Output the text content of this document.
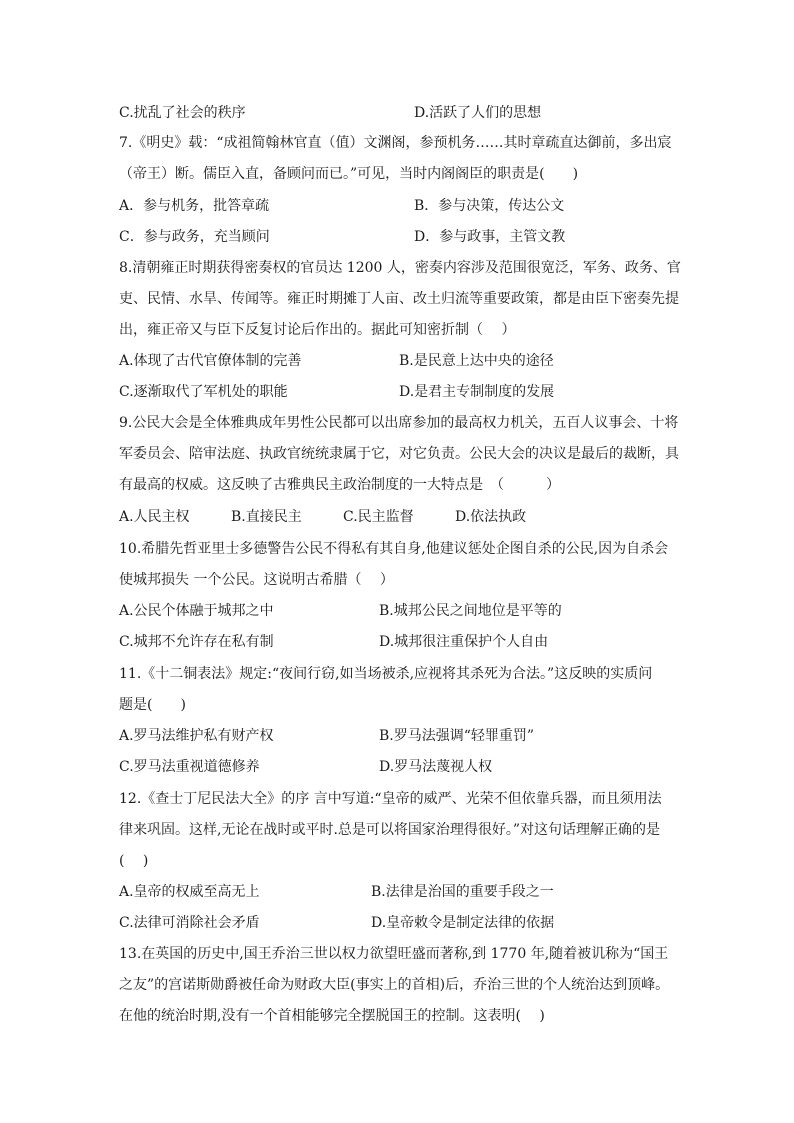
C.扰乱了社会的秩序	D.活跃了人们的思想
7.《明史》载：“成祖简翰林官直（值）文渊阁，参预机务……其时章疏直达御前，多出宸
（帝王）断。儒臣入直，备顾问而已。”可见，当时内阁阁臣的职责是(　　)
A．参与机务，批答章疏	B．参与决策，传达公文
C．参与政务，充当顾问	D．参与政事，主管文教
8.清朝雍正时期获得密奏权的官员达 1200 人，密奏内容涉及范围很宽泛，军务、政务、官
吏、民情、水旱、传闻等。雍正时期摊丁人亩、改土归流等重要政策，都是由臣下密奏先提
出，雍正帝又与臣下反复讨论后作出的。据此可知密折制（　 ）
A.体现了古代官僚体制的完善	B.是民意上达中央的途径
C.逐渐取代了军机处的职能	D.是君主专制制度的发展
9.公民大会是全体雅典成年男性公民都可以出席参加的最高权力机关，五百人议事会、十将
军委员会、陪审法庭、执政官统统隶属于它，对它负责。公民大会的决议是最后的裁断，具
有最高的权威。这反映了古雅典民主政治制度的一大特点是　（　　　）
A.人民主权	B.直接民主	C.民主监督	D.依法执政
10.希腊先哲亚里士多德警告公民不得私有其自身,他建议惩处企图自杀的公民,因为自杀会
使城邦损失 一个公民。这说明古希腊（　 ）
A.公民个体融于城邦之中	B.城邦公民之间地位是平等的
C.城邦不允许存在私有制	D.城邦很注重保护个人自由
11.《十二铜表法》规定:“夜间行窃,如当场被杀,应视将其杀死为合法。”这反映的实质问
题是(　　)
A.罗马法维护私有财产权	B.罗马法强调“轻罪重罚”
C.罗马法重视道德修养	D.罗马法蔑视人权
12.《查士丁尼民法大全》的序 言中写道:“皇帝的威严、光荣不但依靠兵器，而且须用法
律来巩固。这样,无论在战时或平时.总是可以将国家治理得很好。”对这句话理解正确的是
(　 )
A.皇帝的权威至高无上	B.法律是治国的重要手段之一
C.法律可消除社会矛盾	D.皇帝敕令是制定法律的依据
13.在英国的历史中,国王乔治三世以权力欲望旺盛而著称,到 1770 年,随着被讥称为“国王
之友”的宫诺斯勋爵被任命为财政大臣(事实上的首相)后，乔治三世的个人统治达到顶峰。
在他的统治时期,没有一个首相能够完全摆脱国王的控制。这表明(　 )
